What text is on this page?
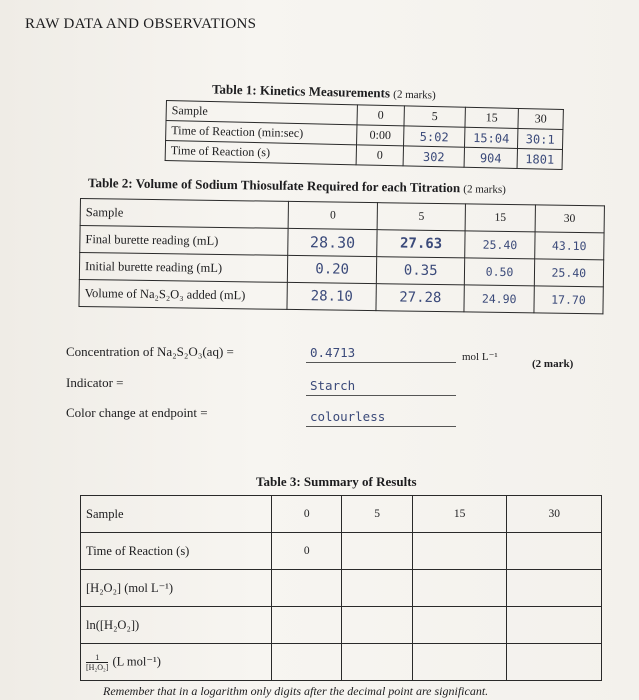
RAW DATA AND OBSERVATIONS
Table 1: Kinetics Measurements (2 marks)
Sample	0	5	15	30
Time of Reaction (min:sec)	0:00	5:02	15:04	30:1
Time of Reaction (s)	0	302	904	1801
Table 2: Volume of Sodium Thiosulfate Required for each Titration (2 marks)
Sample	0	5	15	30
Final burette reading (mL)	28.30	27.63	25.40	43.10
Initial burette reading (mL)	0.20	0.35	0.50	25.40
Volume of Na₂S₂O₃ added (mL)	28.10	27.28	24.90	17.70
Concentration of Na₂S₂O₃(aq) =	0.4713	mol L⁻¹
(2 mark)
Indicator =	Starch
Color change at endpoint =	colourless
Table 3: Summary of Results
Sample	0	5	15	30
Time of Reaction (s)	0			
[H₂O₂] (mol L⁻¹)				
ln([H₂O₂])				

$\frac{1}{\text{[H₂O₂]}} (L$ mol⁻¹)				
Remember that in a logarithm only digits after the decimal point are significant.
